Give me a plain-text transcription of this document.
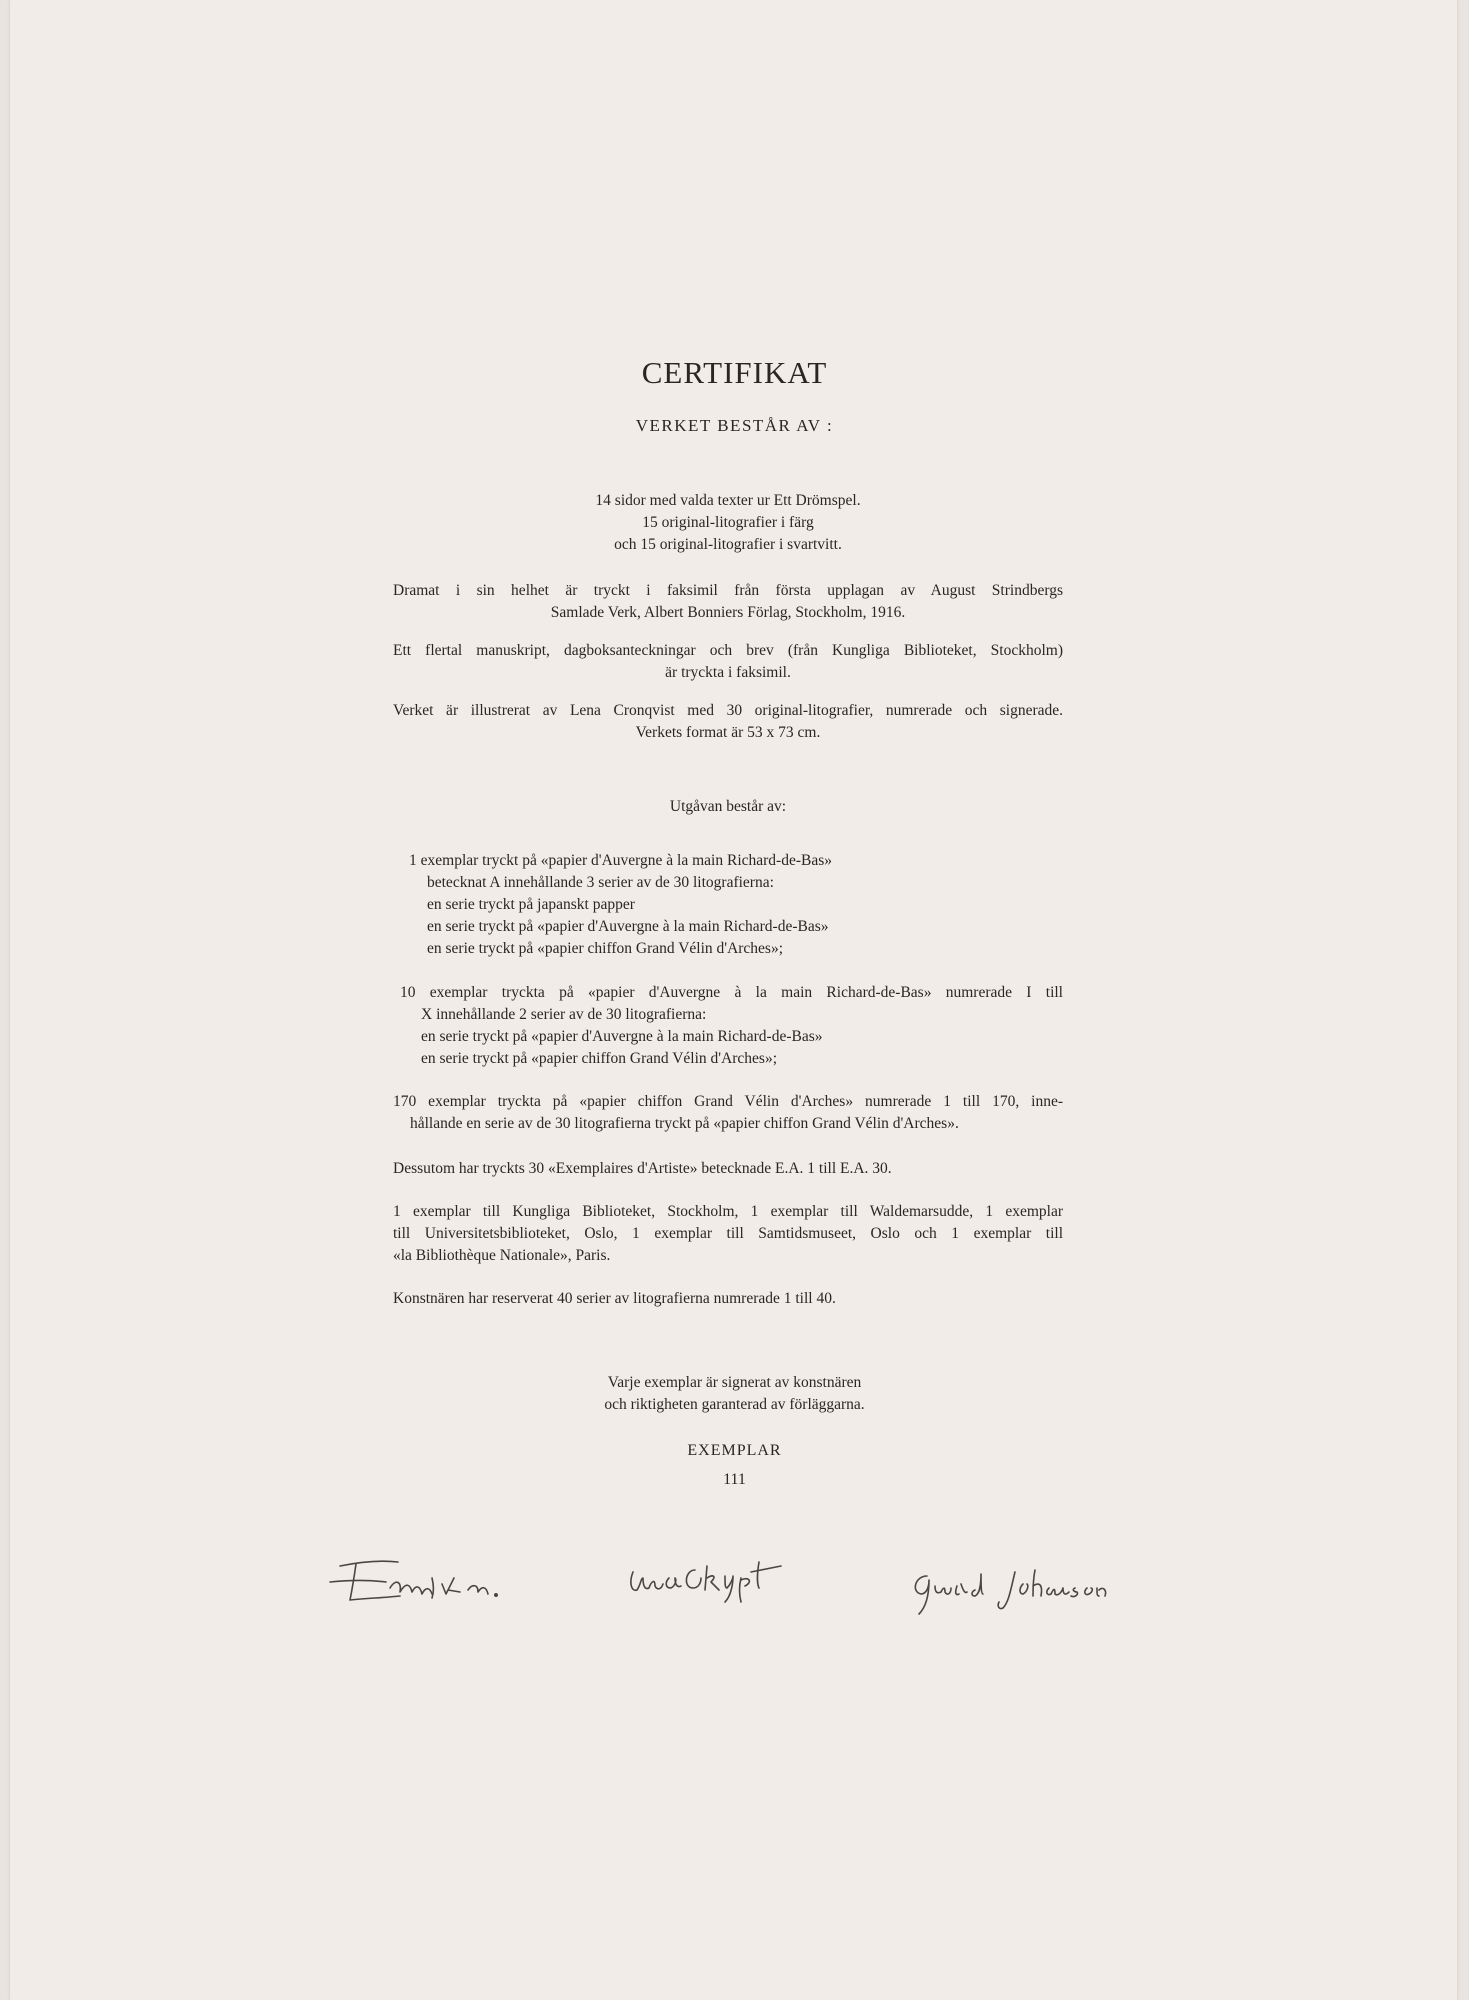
CERTIFIKAT
VERKET BESTÅR AV :
14 sidor med valda texter ur Ett Drömspel.
15 original-litografier i färg
och 15 original-litografier i svartvitt.
Dramat i sin helhet är tryckt i faksimil från första upplagan av August Strindbergs
Samlade Verk, Albert Bonniers Förlag, Stockholm, 1916.
Ett flertal manuskript, dagboksanteckningar och brev (från Kungliga Biblioteket, Stockholm)
är tryckta i faksimil.
Verket är illustrerat av Lena Cronqvist med 30 original-litografier, numrerade och signerade.
Verkets format är 53 x 73 cm.
Utgåvan består av:
1 exemplar tryckt på «papier d'Auvergne à la main Richard-de-Bas»
betecknat A innehållande 3 serier av de 30 litografierna:
en serie tryckt på japanskt papper
en serie tryckt på «papier d'Auvergne à la main Richard-de-Bas»
en serie tryckt på «papier chiffon Grand Vélin d'Arches»;
10 exemplar tryckta på «papier d'Auvergne à la main Richard-de-Bas» numrerade I till
X innehållande 2 serier av de 30 litografierna:
en serie tryckt på «papier d'Auvergne à la main Richard-de-Bas»
en serie tryckt på «papier chiffon Grand Vélin d'Arches»;
170 exemplar tryckta på «papier chiffon Grand Vélin d'Arches» numrerade 1 till 170, inne-
hållande en serie av de 30 litografierna tryckt på «papier chiffon Grand Vélin d'Arches».
Dessutom har tryckts 30 «Exemplaires d'Artiste» betecknade E.A. 1 till E.A. 30.
1 exemplar till Kungliga Biblioteket, Stockholm, 1 exemplar till Waldemarsudde, 1 exemplar
till Universitetsbiblioteket, Oslo, 1 exemplar till Samtidsmuseet, Oslo och 1 exemplar till
«la Bibliothèque Nationale», Paris.
Konstnären har reserverat 40 serier av litografierna numrerade 1 till 40.
Varje exemplar är signerat av konstnären
och riktigheten garanterad av förläggarna.
EXEMPLAR
111
